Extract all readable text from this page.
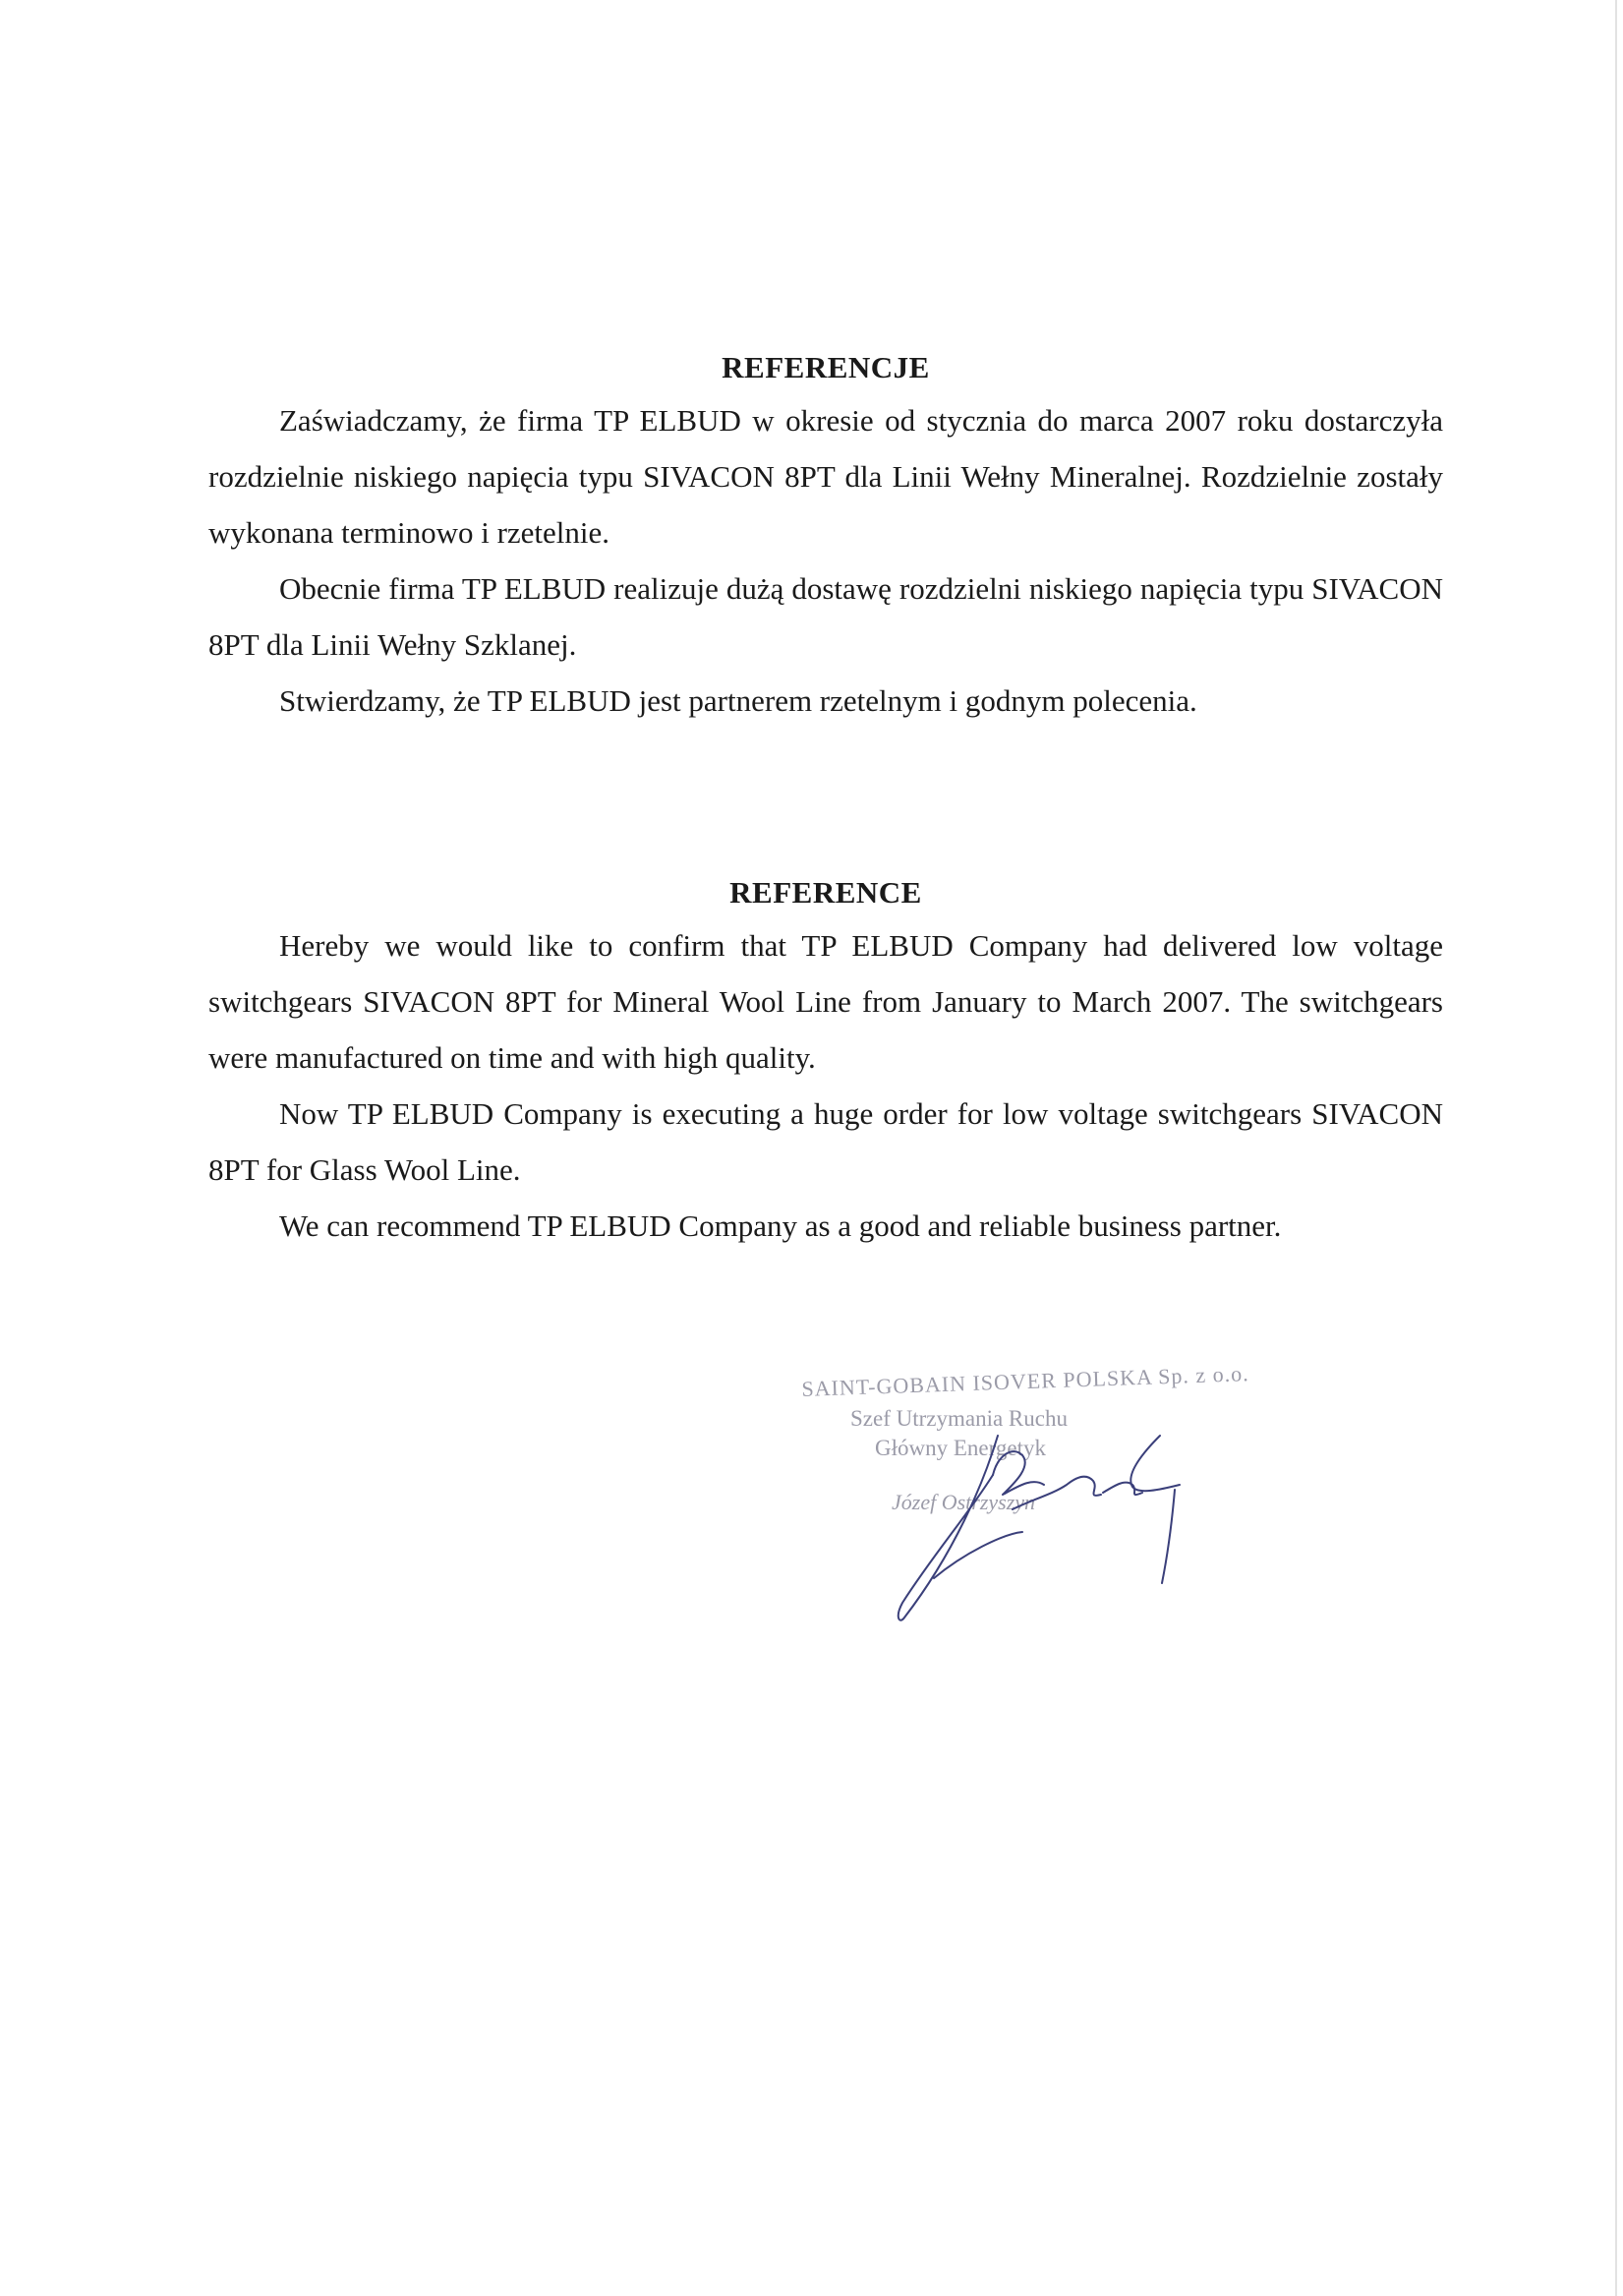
REFERENCJE

Zaświadczamy, że firma TP ELBUD w okresie od stycznia do marca 2007 roku dostarczyła rozdzielnie niskiego napięcia typu SIVACON 8PT dla Linii Wełny Mineralnej. Rozdzielnie zostały wykonana terminowo i rzetelnie.

Obecnie firma TP ELBUD realizuje dużą dostawę rozdzielni niskiego napięcia typu SIVACON 8PT dla Linii Wełny Szklanej.

Stwierdzamy, że TP ELBUD jest partnerem rzetelnym i godnym polecenia.

REFERENCE

Hereby we would like to confirm that TP ELBUD Company had delivered low voltage switchgears SIVACON 8PT for Mineral Wool Line from January to March 2007. The switchgears were manufactured on time and with high quality.

Now TP ELBUD Company is executing a huge order for low voltage switchgears SIVACON 8PT for Glass Wool Line.

We can recommend TP ELBUD Company as a good and reliable business partner.

SAINT-GOBAIN ISOVER POLSKA Sp. z o.o.
Szef Utrzymania Ruchu
Główny Energetyk
Józef Ostrzyszyn
